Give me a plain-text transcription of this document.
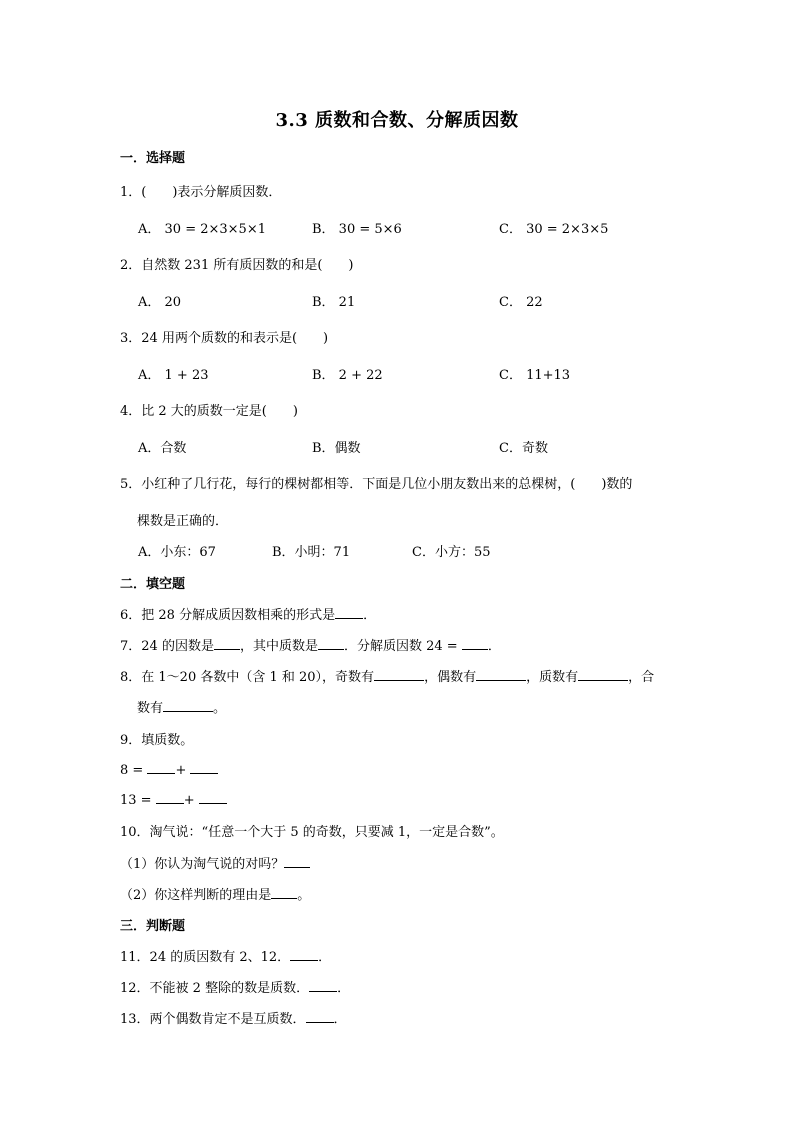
3.3 质数和合数、分解质因数
一．选择题
1．(　　)表示分解质因数．
A． 30 = 2×3×5×1	B． 30 = 5×6	C． 30 = 2×3×5
2．自然数 231 所有质因数的和是(　　)
A． 20	B． 21	C． 22
3．24 用两个质数的和表示是(　　)
A． 1 + 23	B． 2 + 22	C． 11+13
4．比 2 大的质数一定是(　　)
A．合数	B．偶数	C．奇数
5．小红种了几行花，每行的棵树都相等．下面是几位小朋友数出来的总棵树，(　　)数的
棵数是正确的．
A．小东：67	B．小明：71	C．小方：55
二．填空题
6．把 28 分解成质因数相乘的形式是 ．
7．24 的因数是 ，其中质数是 ．分解质因数 24 = ．
8．在 1～20 各数中（含 1 和 20），奇数有	，偶数有	，质数有	，合
数有	。
9．填质数。
8 = +
13 = +
10．淘气说：“任意一个大于 5 的奇数，只要减 1，一定是合数”。
（1）你认为淘气说的对吗？
（2）你这样判断的理由是 。
三．判断题
11．24 的质因数有 2、12． ．
12．不能被 2 整除的数是质数． ．
13．两个偶数肯定不是互质数． ．
